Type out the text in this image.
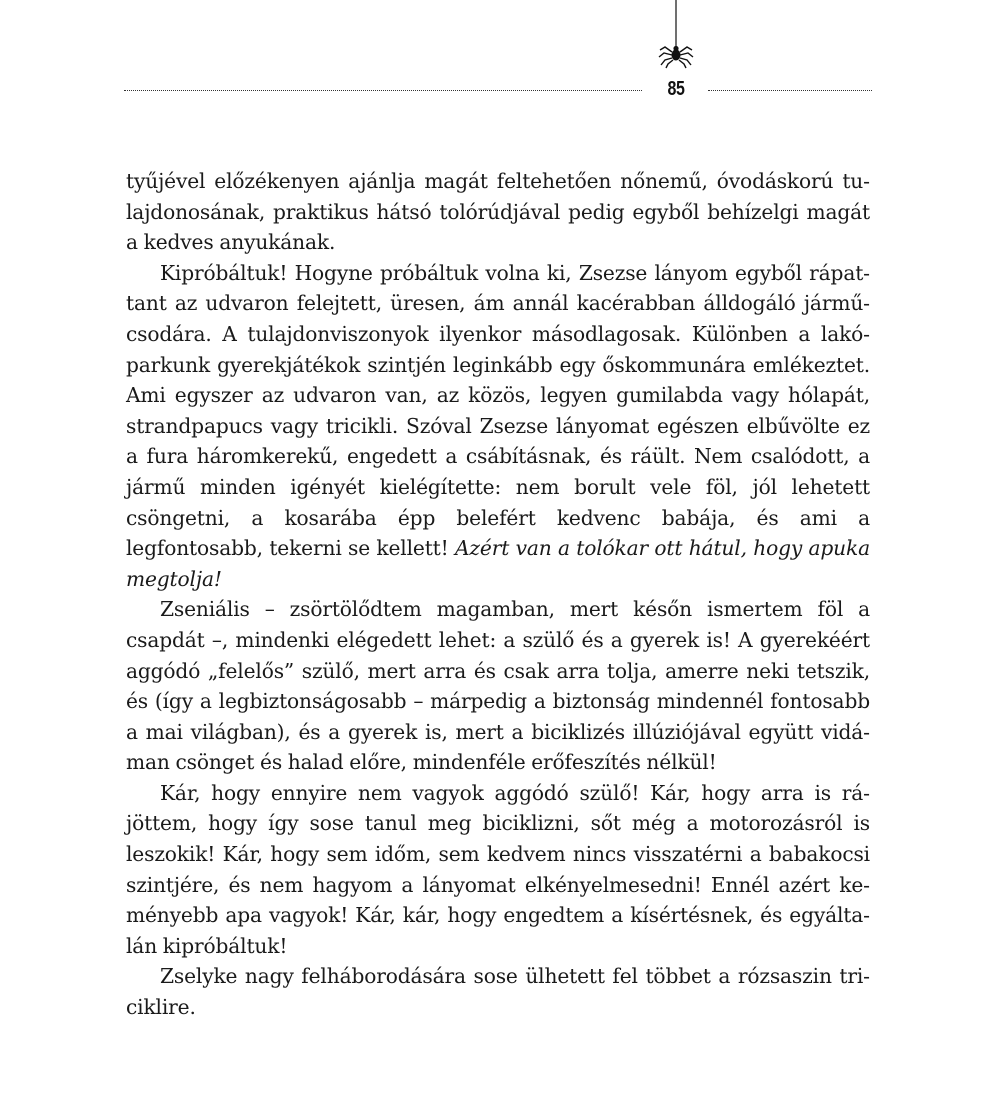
85

tyűjével előzékenyen ajánlja magát feltehetően nőnemű, óvodáskorú tulajdonosának, praktikus hátsó tolórúdjával pedig egyből behízelgi magát a kedves anyukának.

Kipróbáltuk! Hogyne próbáltuk volna ki, Zsezse lányom egyből rápattant az udvaron felejtett, üresen, ám annál kacérabban álldogáló járműcsodára. A tulajdonviszonyok ilyenkor másodlagosak. Különben a lakóparkunk gyerekjátékok szintjén leginkább egy őskommunára emlékeztet. Ami egyszer az udvaron van, az közös, legyen gumilabda vagy hólapát, strandpapucs vagy tricikli. Szóval Zsezse lányomat egészen elbűvölte ez a fura háromkerekű, engedett a csábításnak, és ráült. Nem csalódott, a jármű minden igényét kielégítette: nem borult vele föl, jól lehetett csöngetni, a kosarába épp belefért kedvenc babája, és ami a legfontosabb, tekerni se kellett! Azért van a tolókar ott hátul, hogy apuka megtolja!

Zseniális – zsörtölődtem magamban, mert későn ismertem föl a csapdát –, mindenki elégedett lehet: a szülő és a gyerek is! A gyerekéért aggódó „felelős” szülő, mert arra és csak arra tolja, amerre neki tetszik, és (így a legbiztonságosabb – márpedig a biztonság mindennél fontosabb a mai világban), és a gyerek is, mert a biciklizés illúziójával együtt vidáman csönget és halad előre, mindenféle erőfeszítés nélkül!

Kár, hogy ennyire nem vagyok aggódó szülő! Kár, hogy arra is rájöttem, hogy így sose tanul meg biciklizni, sőt még a motorozásról is leszokik! Kár, hogy sem időm, sem kedvem nincs visszatérni a babakocsi szintjére, és nem hagyom a lányomat elkényelmesedni! Ennél azért keményebb apa vagyok! Kár, kár, hogy engedtem a kísértésnek, és egyáltalán kipróbáltuk!

Zselyke nagy felháborodására sose ülhetett fel többet a rózsaszin triciklire.
